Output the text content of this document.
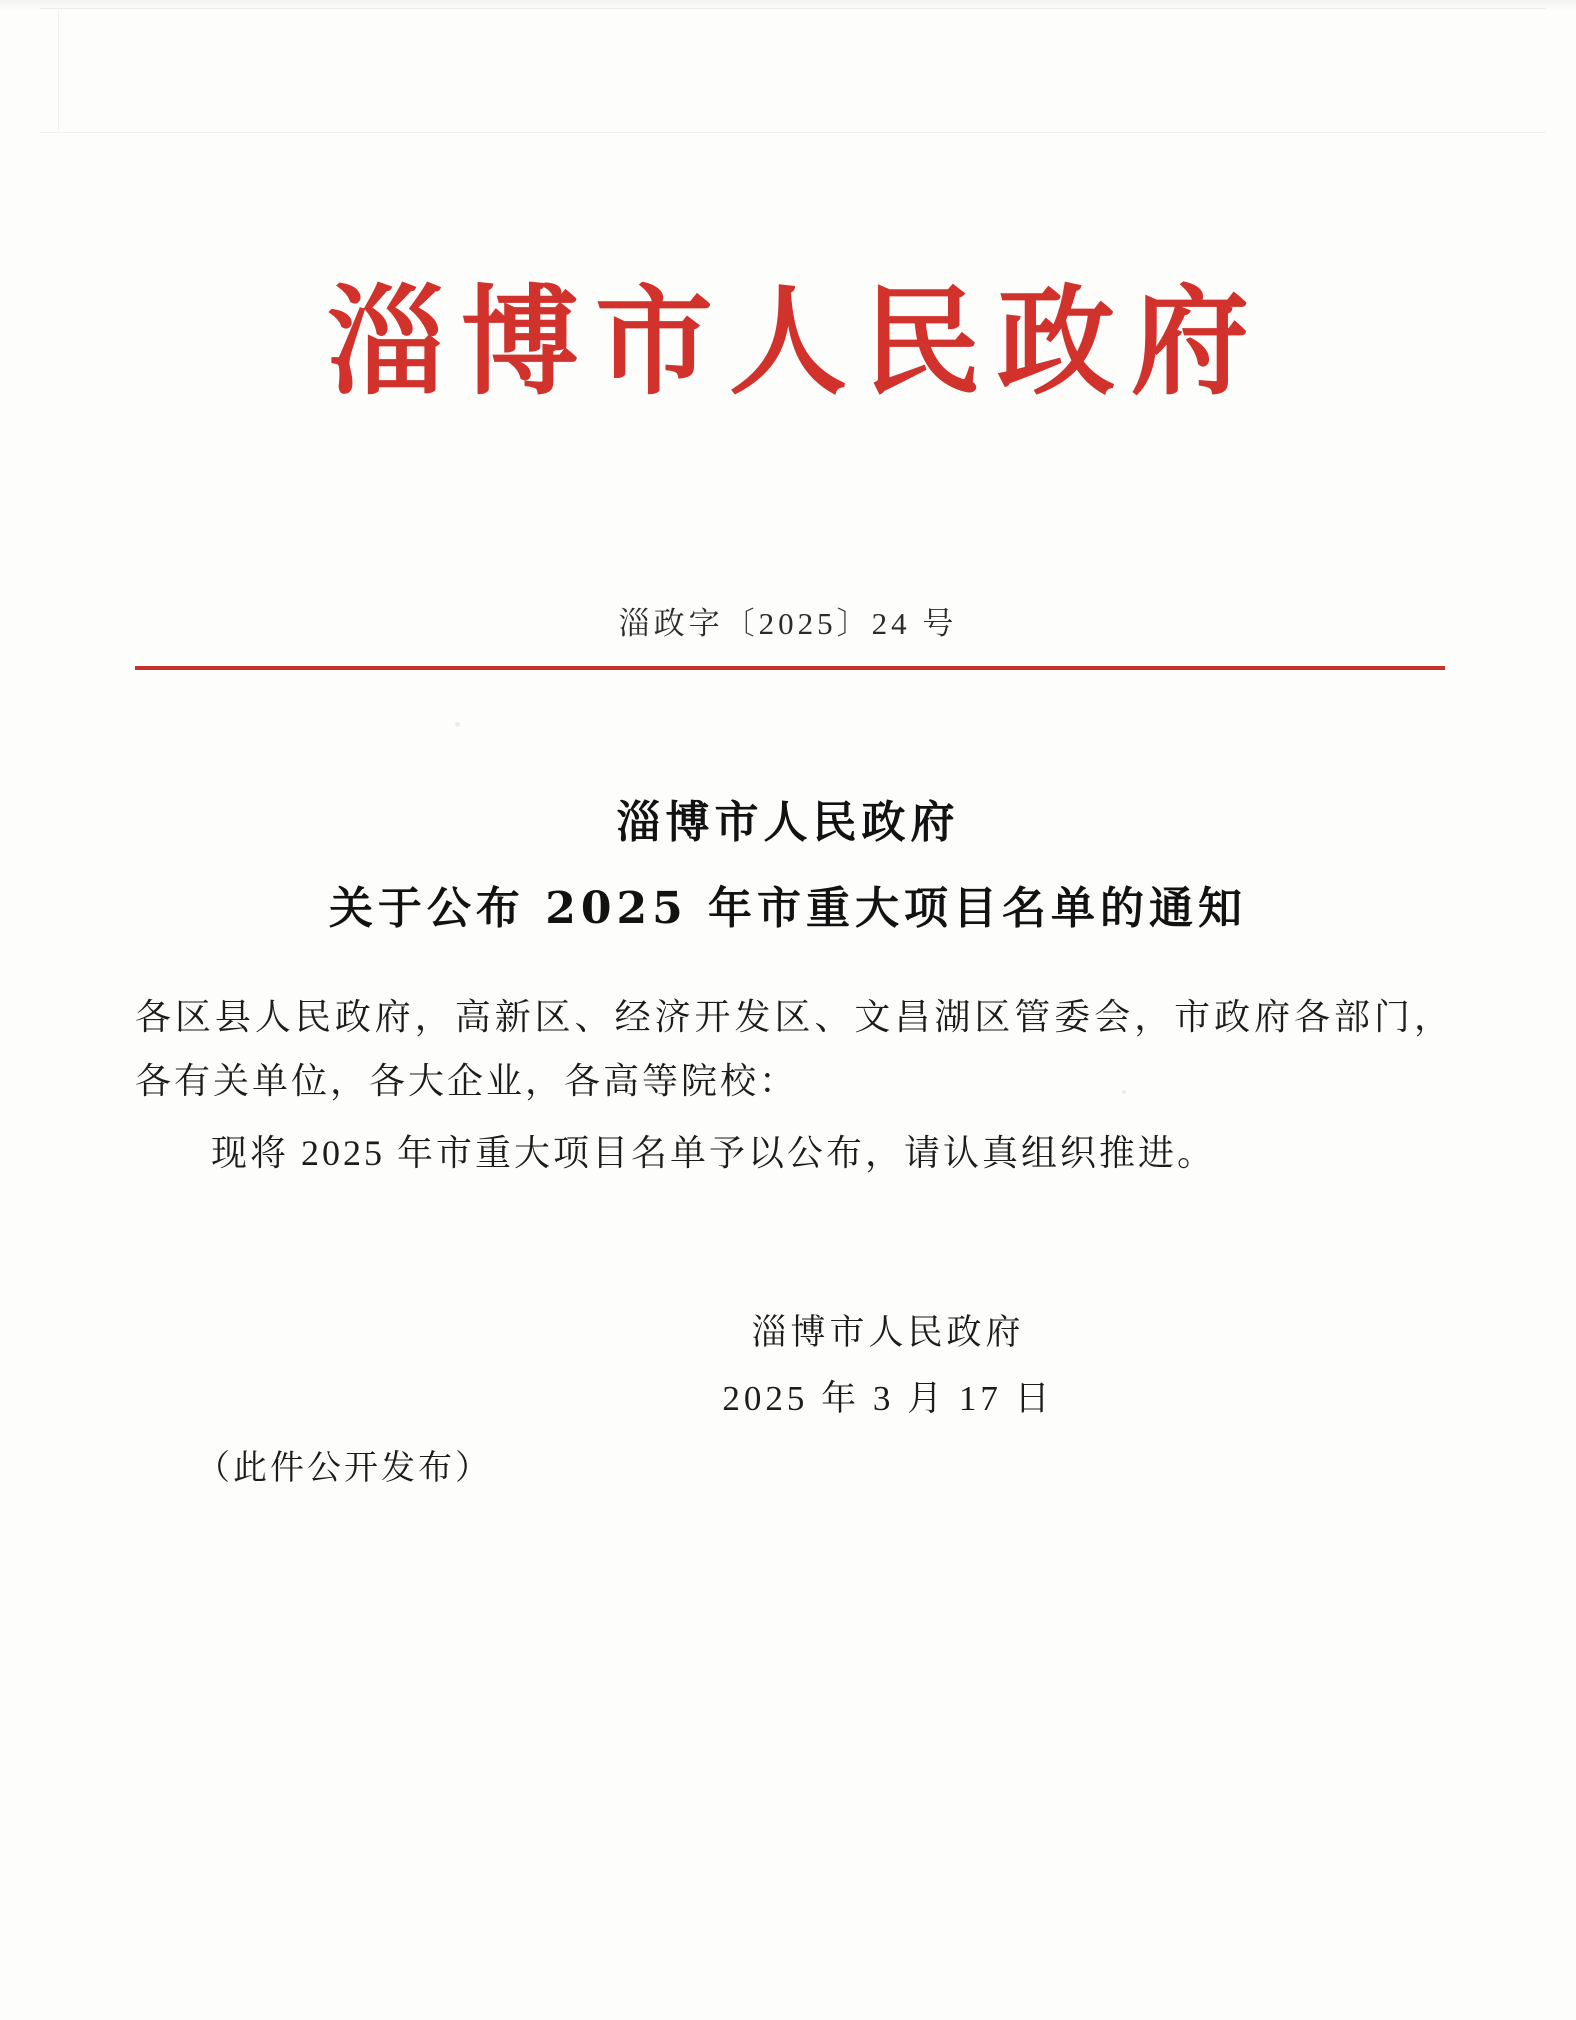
淄博市人民政府
淄政字〔2025〕24 号
淄博市人民政府
关于公布 2025 年市重大项目名单的通知

各区县人民政府，高新区、经济开发区、文昌湖区管委会，市政府各部门，各有关单位，各大企业，各高等院校：

现将 2025 年市重大项目名单予以公布，请认真组织推进。

淄博市人民政府
2025 年 3 月 17 日
（此件公开发布）
